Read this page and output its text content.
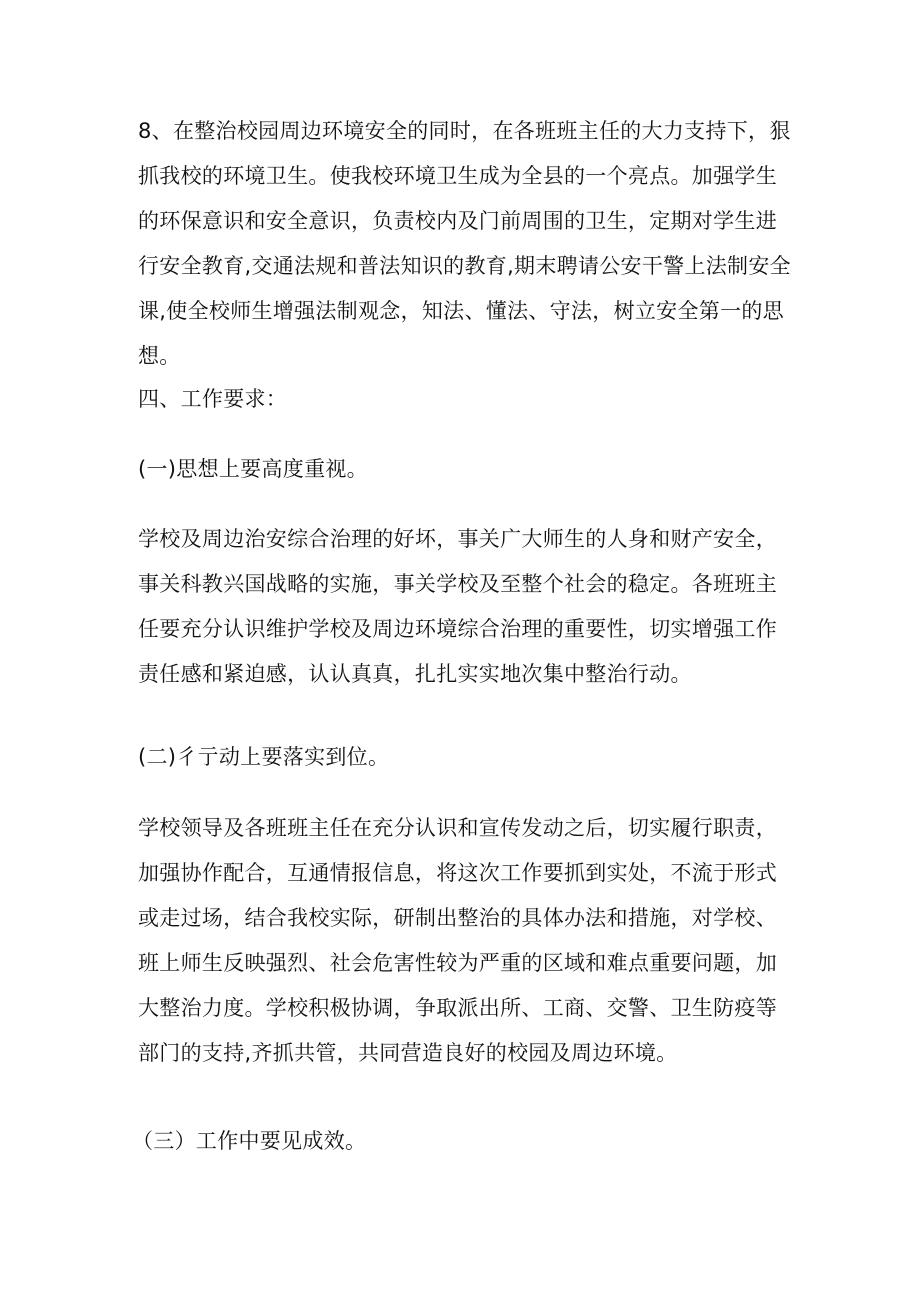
8、在整治校园周边环境安全的同时，在各班班主任的大力支持下，狠抓我校的环境卫生。使我校环境卫生成为全县的一个亮点。加强学生的环保意识和安全意识，负责校内及门前周围的卫生，定期对学生进行安全教育,交通法规和普法知识的教育,期末聘请公安干警上法制安全课,使全校师生增强法制观念，知法、懂法、守法，树立安全第一的思想。

四、工作要求：

(一)思想上要高度重视。

学校及周边治安综合治理的好坏，事关广大师生的人身和财产安全，事关科教兴国战略的实施，事关学校及至整个社会的稳定。各班班主任要充分认识维护学校及周边环境综合治理的重要性，切实增强工作责任感和紧迫感，认认真真，扎扎实实地次集中整治行动。

(二)彳亍动上要落实到位。

学校领导及各班班主任在充分认识和宣传发动之后，切实履行职责，加强协作配合，互通情报信息，将这次工作要抓到实处，不流于形式或走过场，结合我校实际，研制出整治的具体办法和措施，对学校、班上师生反映强烈、社会危害性较为严重的区域和难点重要问题，加大整治力度。学校积极协调，争取派出所、工商、交警、卫生防疫等部门的支持,齐抓共管，共同营造良好的校园及周边环境。

（三）工作中要见成效。
